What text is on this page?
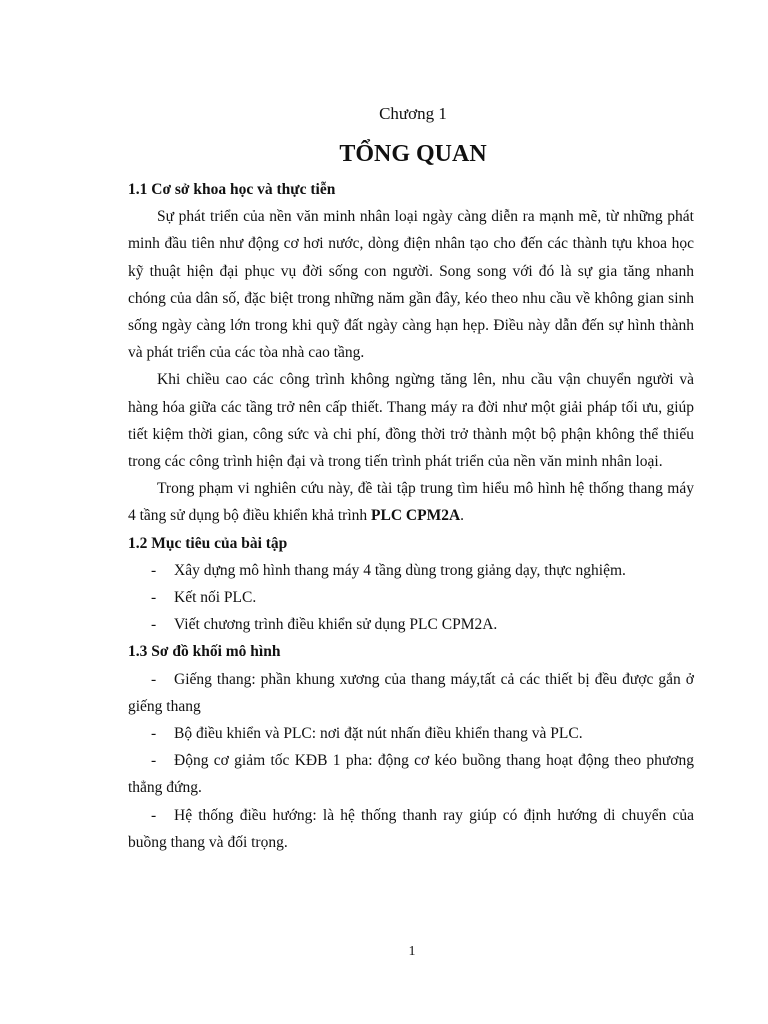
Chương 1
TỔNG QUAN
1.1 Cơ sở khoa học và thực tiễn

Sự phát triển của nền văn minh nhân loại ngày càng diễn ra mạnh mẽ, từ những phát minh đầu tiên như động cơ hơi nước, dòng điện nhân tạo cho đến các thành tựu khoa học kỹ thuật hiện đại phục vụ đời sống con người. Song song với đó là sự gia tăng nhanh chóng của dân số, đặc biệt trong những năm gần đây, kéo theo nhu cầu về không gian sinh sống ngày càng lớn trong khi quỹ đất ngày càng hạn hẹp. Điều này dẫn đến sự hình thành và phát triển của các tòa nhà cao tầng.

Khi chiều cao các công trình không ngừng tăng lên, nhu cầu vận chuyển người và hàng hóa giữa các tầng trở nên cấp thiết. Thang máy ra đời như một giải pháp tối ưu, giúp tiết kiệm thời gian, công sức và chi phí, đồng thời trở thành một bộ phận không thể thiếu trong các công trình hiện đại và trong tiến trình phát triển của nền văn minh nhân loại.

Trong phạm vi nghiên cứu này, đề tài tập trung tìm hiểu mô hình hệ thống thang máy 4 tầng sử dụng bộ điều khiển khả trình PLC CPM2A.

1.2 Mục tiêu của bài tập
- Xây dựng mô hình thang máy 4 tầng dùng trong giảng dạy, thực nghiệm.
- Kết nối PLC.
- Viết chương trình điều khiển sử dụng PLC CPM2A.
1.3 Sơ đồ khối mô hình
- Giếng thang: phần khung xương của thang máy,tất cả các thiết bị đều được gắn ở giếng thang
- Bộ điều khiển và PLC: nơi đặt nút nhấn điều khiển thang và PLC.
- Động cơ giảm tốc KĐB 1 pha: động cơ kéo buồng thang hoạt động theo phương thẳng đứng.
- Hệ thống điều hướng: là hệ thống thanh ray giúp có định hướng di chuyển của buồng thang và đối trọng.
1
